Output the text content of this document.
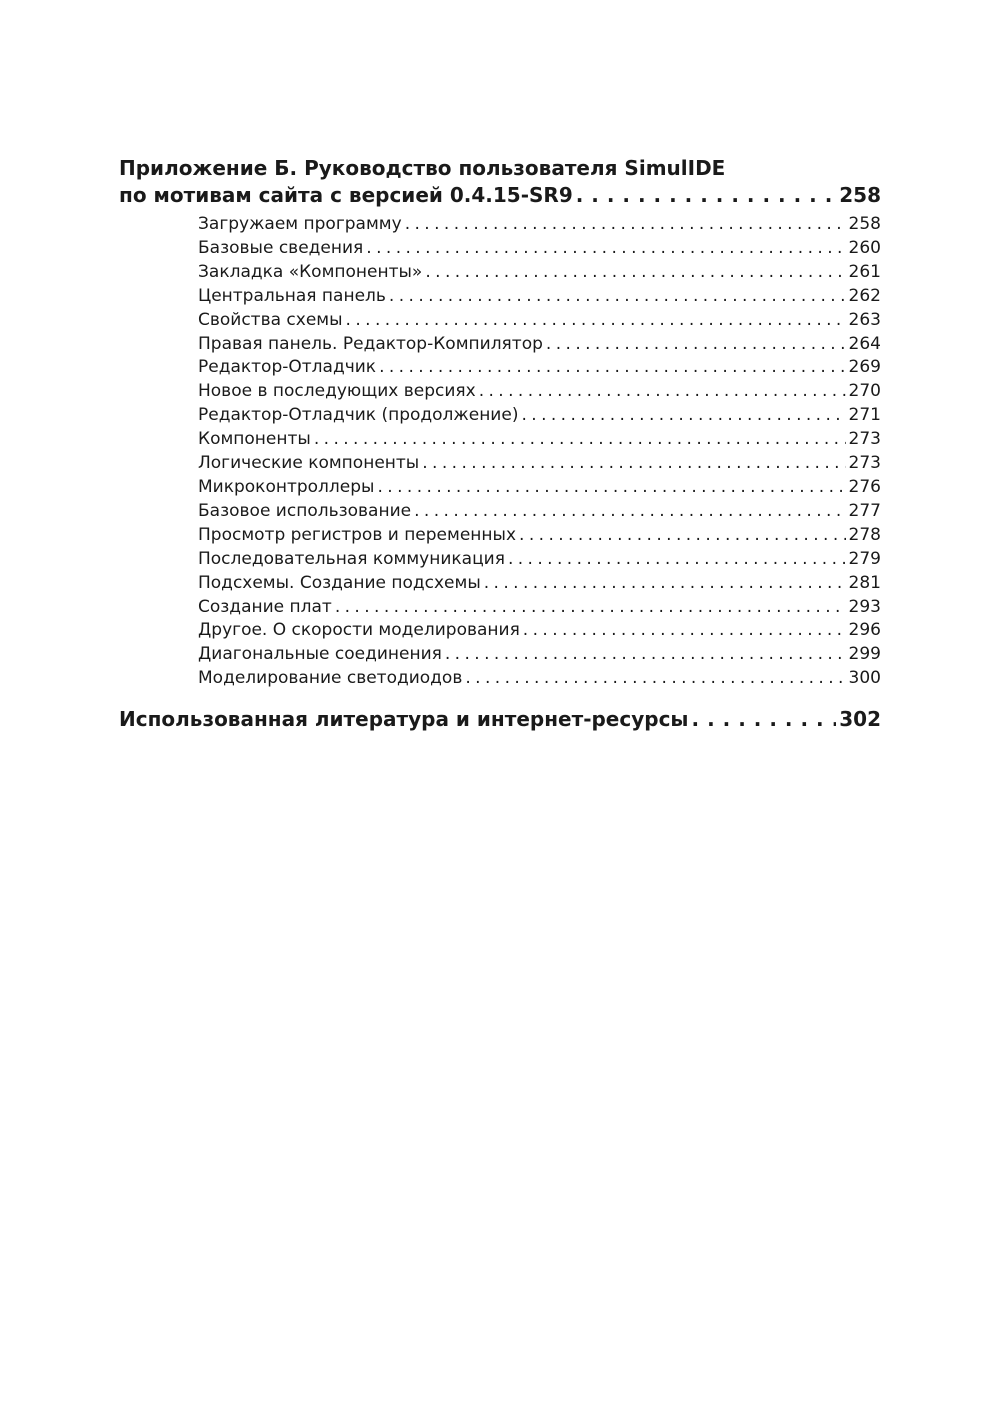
Приложение Б. Руководство пользователя SimulIDE
по мотивам сайта с версией 0.4.15-SR9 . . .	258
Загружаем программу . . .	258
Базовые сведения . . .	260
Закладка «Компоненты» . . .	261
Центральная панель . . .	262
Свойства схемы . . .	263
Правая панель. Редактор-Компилятор . . .	264
Редактор-Отладчик . . .	269
Новое в последующих версиях . . .	270
Редактор-Отладчик (продолжение) . . .	271
Компоненты . . .	273
Логические компоненты . . .	273
Микроконтроллеры . . .	276
Базовое использование . . .	277
Просмотр регистров и переменных . . .	278
Последовательная коммуникация . . .	279
Подсхемы. Создание подсхемы . . .	281
Создание плат . . .	293
Другое. О скорости моделирования . . .	296
Диагональные соединения . . .	299
Моделирование светодиодов . . .	300
Использованная литература и интернет-ресурсы . . .	302
